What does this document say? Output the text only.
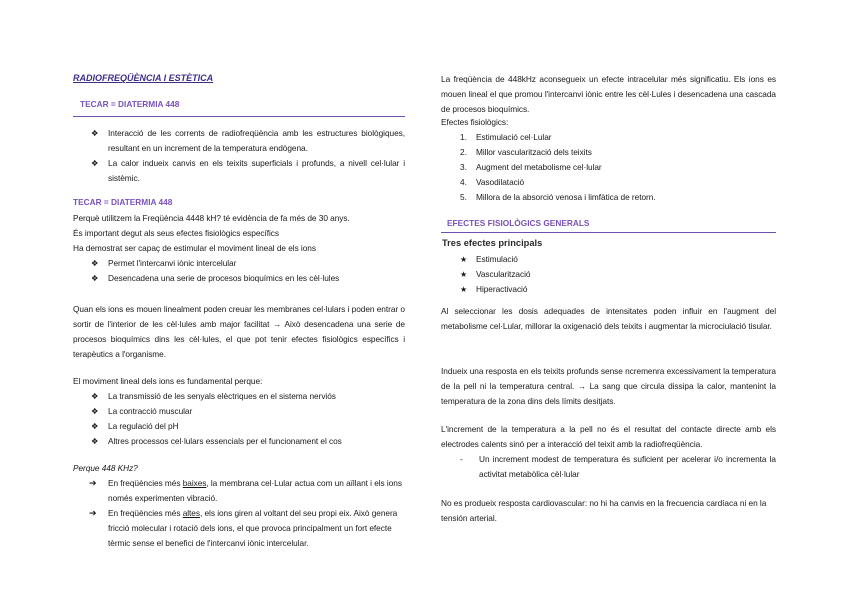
RADIOFREQÜÈNCIA I ESTÈTICA
TECAR = DIATERMIA 448
❖ Interacció de les corrents de radiofreqüència amb les estructures biològiques, resultant en un increment de la temperatura endògena.
❖ La calor indueix canvis en els teixits superficials i profunds, a nivell cel·lular i sistèmic.
TECAR = DIATERMIA 448
Perquè utilitzem la Freqüència 4448 kH? té evidència de fa més de 30 anys.
És important degut als seus efectes fisiològics específics
Ha demostrat ser capaç de estimular el moviment lineal de els ions
❖ Permet l'intercanvi iònic intercelular
❖ Desencadena una serie de procesos bioquímics en les cèl·lules
Quan els ions es mouen linealment poden creuar les membranes cel·lulars i poden entrar o sortir de l'interior de les cèl·lules amb major facilitat → Això desencadena una serie de procesos bioquímics dins les cèl·lules, el que pot tenir efectes fisiològics específics i terapèutics a l'organisme.
El moviment lineal dels ions es fundamental perque:
❖ La transmissió de les senyals elèctriques en el sistema nerviós
❖ La contracció muscular
❖ La regulació del pH
❖ Altres processos cel·lulars essencials per el funcionament el cos
Perque 448 KHz?
➔ En freqüències més baixes, la membrana cel·Lular actua com un aïllant i els ions només experimenten vibració.
➔ En freqüències més altes, els ions giren al voltant del seu propi eix. Això genera fricció molecular i rotació dels ions, el que provoca principalment un fort efecte tèrmic sense el benefici de l'intercanvi iònic intercelular.
La freqüència de 448kHz aconsegueix un efecte intracelular més significatiu. Els ions es mouen lineal el que promou l'intercanvi iònic entre les cèl·Lules i desencadena una cascada de procesos bioquímics.
Efectes fisiològics:
1. Estimulació cel·Lular
2. Millor vascularització dels teixits
3. Augment del metabolisme cel·lular
4. Vasodilatació
5. Millora de la absorció venosa i limfàtica de retorn.
EFECTES FISIOLÒGICS GENERALS
Tres efectes principals
★ Estimulació
★ Vascularització
★ Hiperactivació
Al seleccionar les dosis adequades de intensitates poden influir en l'augment del metabolisme cel·Lular, millorar la oxigenació dels teixits i augmentar la microciulació tisular.
Indueix una resposta en els teixits profunds sense ncremenra excessivament la temperatura de la pell ni la temperatura central. → La sang que circula dissipa la calor, mantenint la temperatura de la zona dins dels límits desitjats.
L'increment de la temperatura a la pell no és el resultat del contacte directe amb els electrodes calents sinó per a interacció del teixit amb la radiofreqüència.
- Un increment modest de temperatura és suficient per acelerar i/o incrementa la activitat metabòlica cèl·lular
No es produeix resposta cardiovascular: no hi ha canvis en la frecuencia cardíaca ni en la tensión arterial.
